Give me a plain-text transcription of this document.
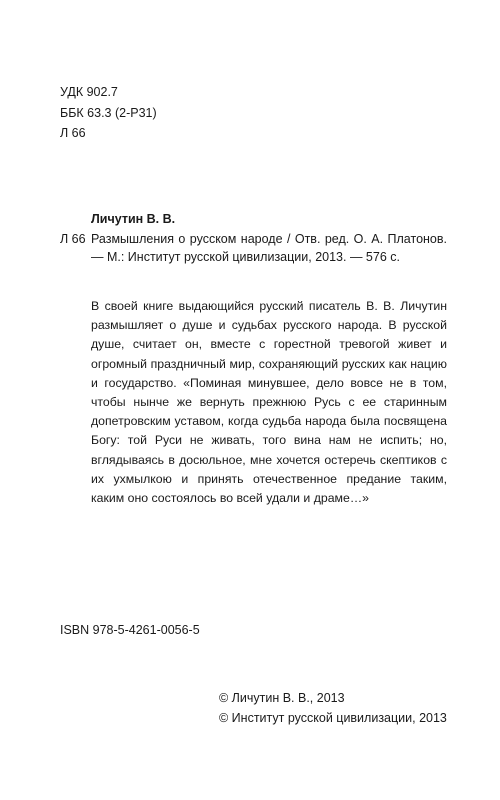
УДК 902.7
ББК 63.3 (2-Р31)
Л 66
Личутин В. В.
Л 66 Размышления о русском народе / Отв. ред. О. А. Платонов. — М.: Институт русской цивилизации, 2013. — 576 с.
В своей книге выдающийся русский писатель В. В. Личутин размышляет о душе и судьбах русского народа. В русской душе, считает он, вместе с горестной тревогой живет и огромный праздничный мир, сохраняющий русских как нацию и государство. «Поминая минувшее, дело вовсе не в том, чтобы нынче же вернуть прежнюю Русь с ее старинным допетровским уставом, когда судьба народа была посвящена Богу: той Руси не живать, того вина нам не испить; но, вглядываясь в досюльное, мне хочется остеречь скептиков с их ухмылкою и принять отечественное предание таким, каким оно состоялось во всей удали и драме…»
ISBN 978-5-4261-0056-5
© Личутин В. В., 2013
© Институт русской цивилизации, 2013
